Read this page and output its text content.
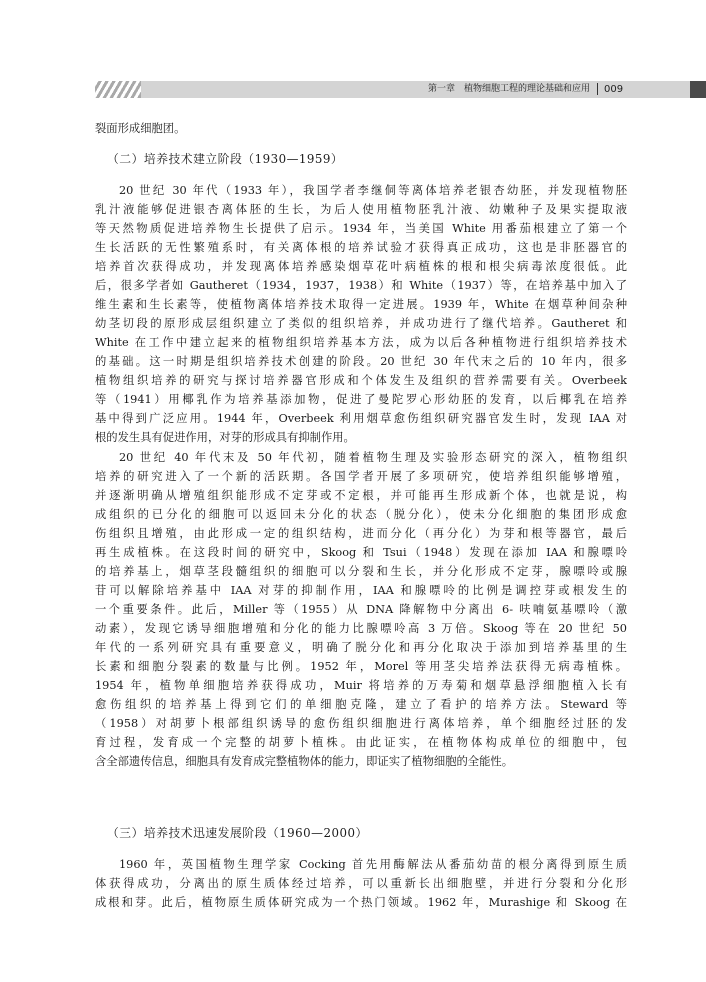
第一章　植物细胞工程的理论基础和应用 009
裂面形成细胞团。
（二）培养技术建立阶段（1930—1959）
20 世纪 30 年代（1933 年），我国学者李继侗等离体培养老银杏幼胚，并发现植物胚
乳汁液能够促进银杏离体胚的生长，为后人使用植物胚乳汁液、幼嫩种子及果实提取液
等天然物质促进培养物生长提供了启示。1934 年，当美国 White 用番茄根建立了第一个
生长活跃的无性繁殖系时，有关离体根的培养试验才获得真正成功，这也是非胚器官的
培养首次获得成功，并发现离体培养感染烟草花叶病植株的根和根尖病毒浓度很低。此
后，很多学者如 Gautheret（1934，1937，1938）和 White（1937）等，在培养基中加入了
维生素和生长素等，使植物离体培养技术取得一定进展。1939 年，White 在烟草种间杂种
幼茎切段的原形成层组织建立了类似的组织培养，并成功进行了继代培养。Gautheret 和
White 在工作中建立起来的植物组织培养基本方法，成为以后各种植物进行组织培养技术
的基础。这一时期是组织培养技术创建的阶段。20 世纪 30 年代末之后的 10 年内，很多
植物组织培养的研究与探讨培养器官形成和个体发生及组织的营养需要有关。Overbeek
等（1941）用椰乳作为培养基添加物，促进了曼陀罗心形幼胚的发育，以后椰乳在培养
基中得到广泛应用。1944 年，Overbeek 利用烟草愈伤组织研究器官发生时，发现 IAA 对
根的发生具有促进作用，对芽的形成具有抑制作用。
20 世纪 40 年代末及 50 年代初，随着植物生理及实验形态研究的深入，植物组织
培养的研究进入了一个新的活跃期。各国学者开展了多项研究，使培养组织能够增殖，
并逐渐明确从增殖组织能形成不定芽或不定根，并可能再生形成新个体，也就是说，构
成组织的已分化的细胞可以返回未分化的状态（脱分化），使未分化细胞的集团形成愈
伤组织且增殖，由此形成一定的组织结构，进而分化（再分化）为芽和根等器官，最后
再生成植株。在这段时间的研究中，Skoog 和 Tsui（1948）发现在添加 IAA 和腺嘌呤
的培养基上，烟草茎段髓组织的细胞可以分裂和生长，并分化形成不定芽，腺嘌呤或腺
苷可以解除培养基中 IAA 对芽的抑制作用，IAA 和腺嘌呤的比例是调控芽或根发生的
一个重要条件。此后，Miller 等（1955）从 DNA 降解物中分离出 6- 呋喃氨基嘌呤（激
动素），发现它诱导细胞增殖和分化的能力比腺嘌呤高 3 万倍。Skoog 等在 20 世纪 50
年代的一系列研究具有重要意义，明确了脱分化和再分化取决于添加到培养基里的生
长素和细胞分裂素的数量与比例。1952 年，Morel 等用茎尖培养法获得无病毒植株。
1954 年，植物单细胞培养获得成功，Muir 将培养的万寿菊和烟草悬浮细胞植入长有
愈伤组织的培养基上得到它们的单细胞克隆，建立了看护的培养方法。Steward 等
（1958）对胡萝卜根部组织诱导的愈伤组织细胞进行离体培养，单个细胞经过胚的发
育过程，发育成一个完整的胡萝卜植株。由此证实，在植物体构成单位的细胞中，包
含全部遗传信息，细胞具有发育成完整植物体的能力，即证实了植物细胞的全能性。
（三）培养技术迅速发展阶段（1960—2000）
1960 年，英国植物生理学家 Cocking 首先用酶解法从番茄幼苗的根分离得到原生质
体获得成功，分离出的原生质体经过培养，可以重新长出细胞壁，并进行分裂和分化形
成根和芽。此后，植物原生质体研究成为一个热门领域。1962 年，Murashige 和 Skoog 在
